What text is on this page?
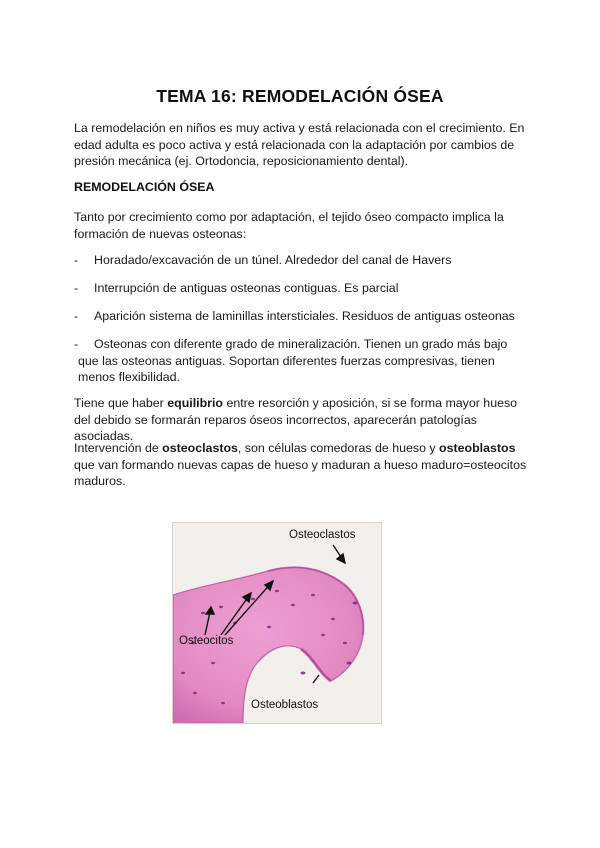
TEMA 16: REMODELACIÓN ÓSEA
La remodelación en niños es muy activa y está relacionada con el crecimiento. En edad adulta es poco activa y está relacionada con la adaptación por cambios de presión mecánica (ej. Ortodoncia, reposicionamiento dental).
REMODELACIÓN ÓSEA
Tanto por crecimiento como por adaptación, el tejido óseo compacto implica la formación de nuevas osteonas:
- Horadado/excavación de un túnel. Alrededor del canal de Havers
- Interrupción de antiguas osteonas contiguas. Es parcial
- Aparición sistema de laminillas intersticiales. Residuos de antiguas osteonas
-	Osteonas con diferente grado de mineralización. Tienen un grado más bajo que las osteonas antiguas. Soportan diferentes fuerzas compresivas, tienen menos flexibilidad.
Tiene que haber equilibrio entre resorción y aposición, si se forma mayor hueso del debido se formarán reparos óseos incorrectos, aparecerán patologías asociadas.
Intervención de osteoclastos, son células comedoras de hueso y osteoblastos que van formando nuevas capas de hueso y maduran a hueso maduro=osteocitos maduros.
Osteoclastos
Osteocitos
Osteoblastos
